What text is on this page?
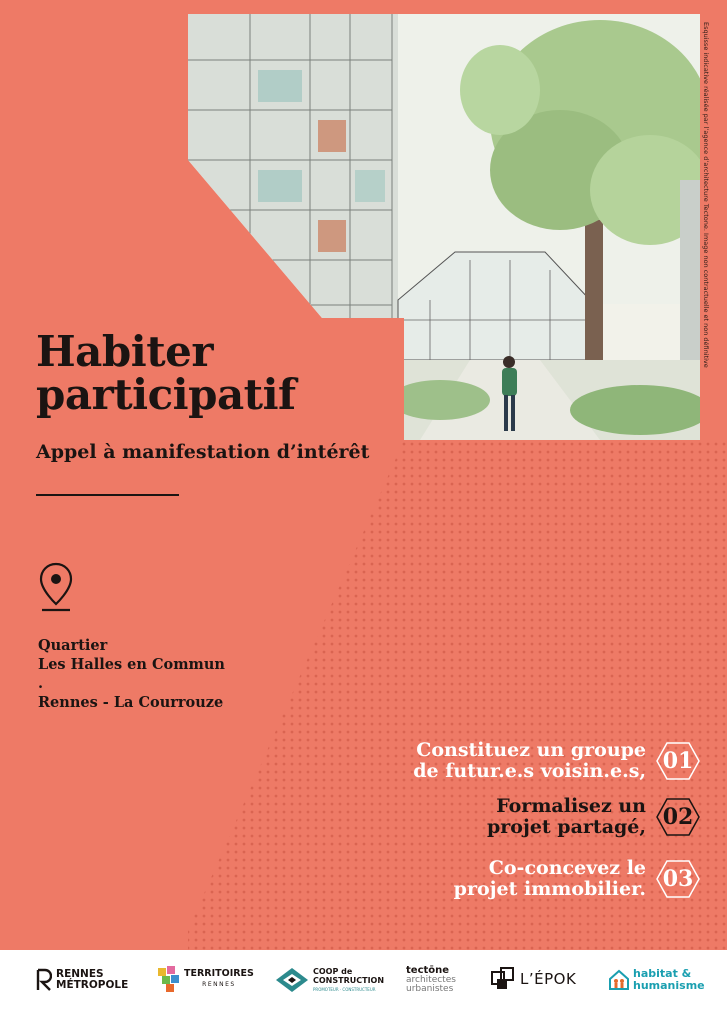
Esquisse indicative réalisée par l’agence d’architecture Tectone. Image non contractuelle et non définitive
Habiter
participatif

Appel à manifestation d’intérêt

Quartier
Les Halles en Commun
.
Rennes - La Courrouze
Constituez un groupe
de futur.e.s voisin.e.s, 01
Formalisez un
projet partagé, 02
Co-concevez le
projet immobilier. 03
RENNES
MÉTROPOLE
TERRITOIRES
RENNES
COOP de
CONSTRUCTION
PROMOTEUR · CONSTRUCTEUR
tectōne
architectes
urbanistes
L’ÉPOK	habitat &
humanisme
